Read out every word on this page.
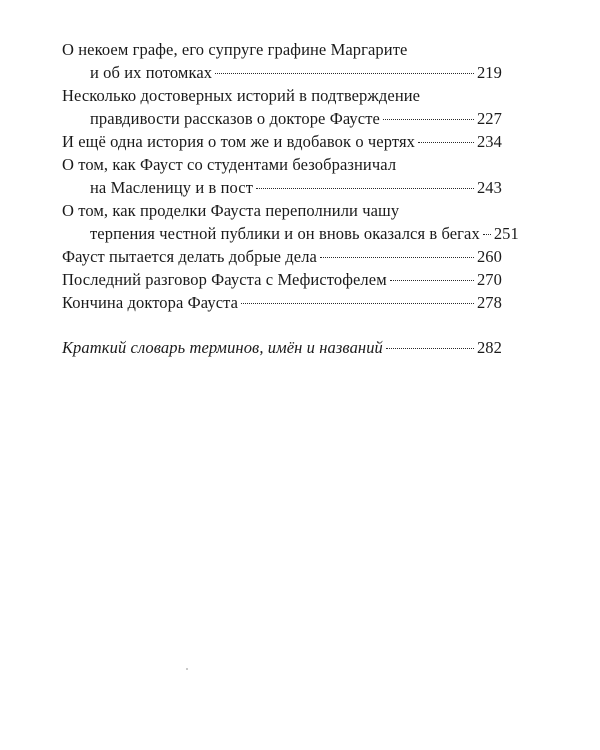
О некоем графе, его супруге графине Маргарите
и об их потомках	219
Несколько достоверных историй в подтверждение
правдивости рассказов о докторе Фаусте	227
И ещё одна история о том же и вдобавок о чертях	234
О том, как Фауст со студентами безобразничал
на Масленицу и в пост	243
О том, как проделки Фауста переполнили чашу
терпения честной публики и он вновь оказался в бегах 251
Фауст пытается делать добрые дела	260
Последний разговор Фауста с Мефистофелем	270
Кончина доктора Фауста	278
Краткий словарь терминов, имён и названий	282
